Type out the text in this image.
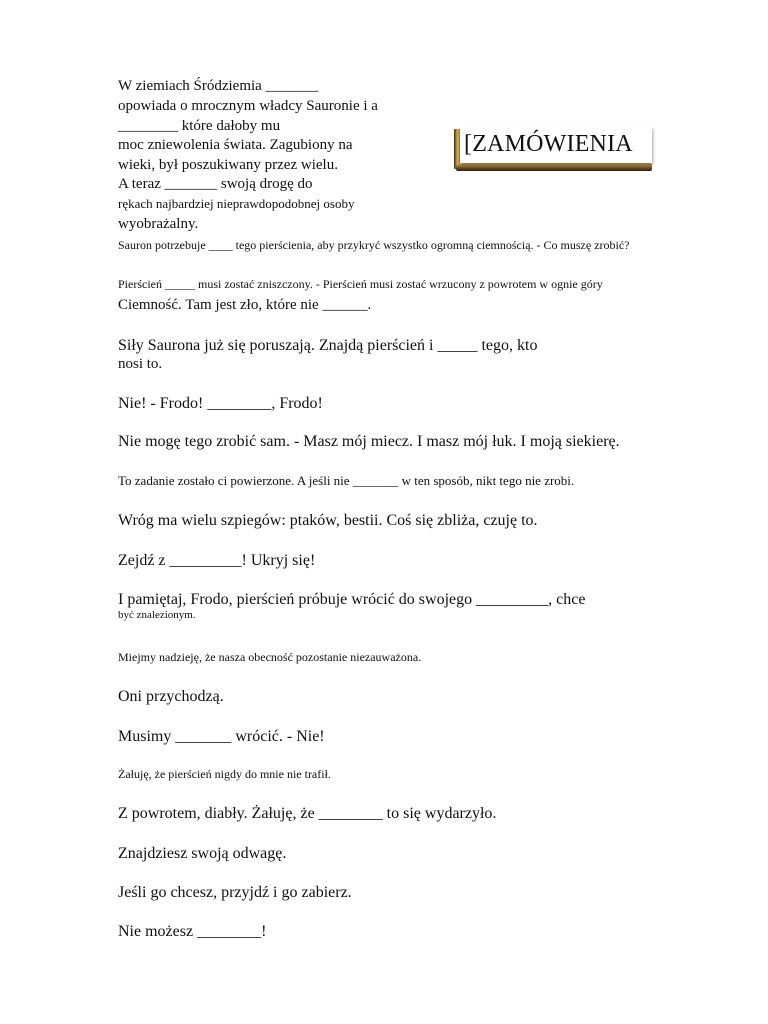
[ZAMÓWIENIA
W ziemiach Śródziemia _______
opowiada o mrocznym władcy Sauronie i a
________ które dałoby mu
moc zniewolenia świata. Zagubiony na
wieki, był poszukiwany przez wielu.
A teraz _______ swoją drogę do
rękach najbardziej nieprawdopodobnej osoby
wyobrażalny.
Sauron potrzebuje ____ tego pierścienia, aby przykryć wszystko ogromną ciemnością. - Co muszę zrobić?
Pierścień _____ musi zostać zniszczony. - Pierścień musi zostać wrzucony z powrotem w ognie góry
Ciemność. Tam jest zło, które nie ______.
Siły Saurona już się poruszają. Znajdą pierścień i _____ tego, kto
nosi to.
Nie! - Frodo! ________, Frodo!
Nie mogę tego zrobić sam. - Masz mój miecz. I masz mój łuk. I moją siekierę.
To zadanie zostało ci powierzone. A jeśli nie _______ w ten sposób, nikt tego nie zrobi.
Wróg ma wielu szpiegów: ptaków, bestii. Coś się zbliża, czuję to.
Zejdź z _________! Ukryj się!
I pamiętaj, Frodo, pierścień próbuje wrócić do swojego _________, chce
być znalezionym.
Miejmy nadzieję, że nasza obecność pozostanie niezauważona.
Oni przychodzą.
Musimy _______ wrócić. - Nie!
Żałuję, że pierścień nigdy do mnie nie trafił.
Z powrotem, diabły. Żałuję, że ________ to się wydarzyło.
Znajdziesz swoją odwagę.
Jeśli go chcesz, przyjdź i go zabierz.
Nie możesz ________!
